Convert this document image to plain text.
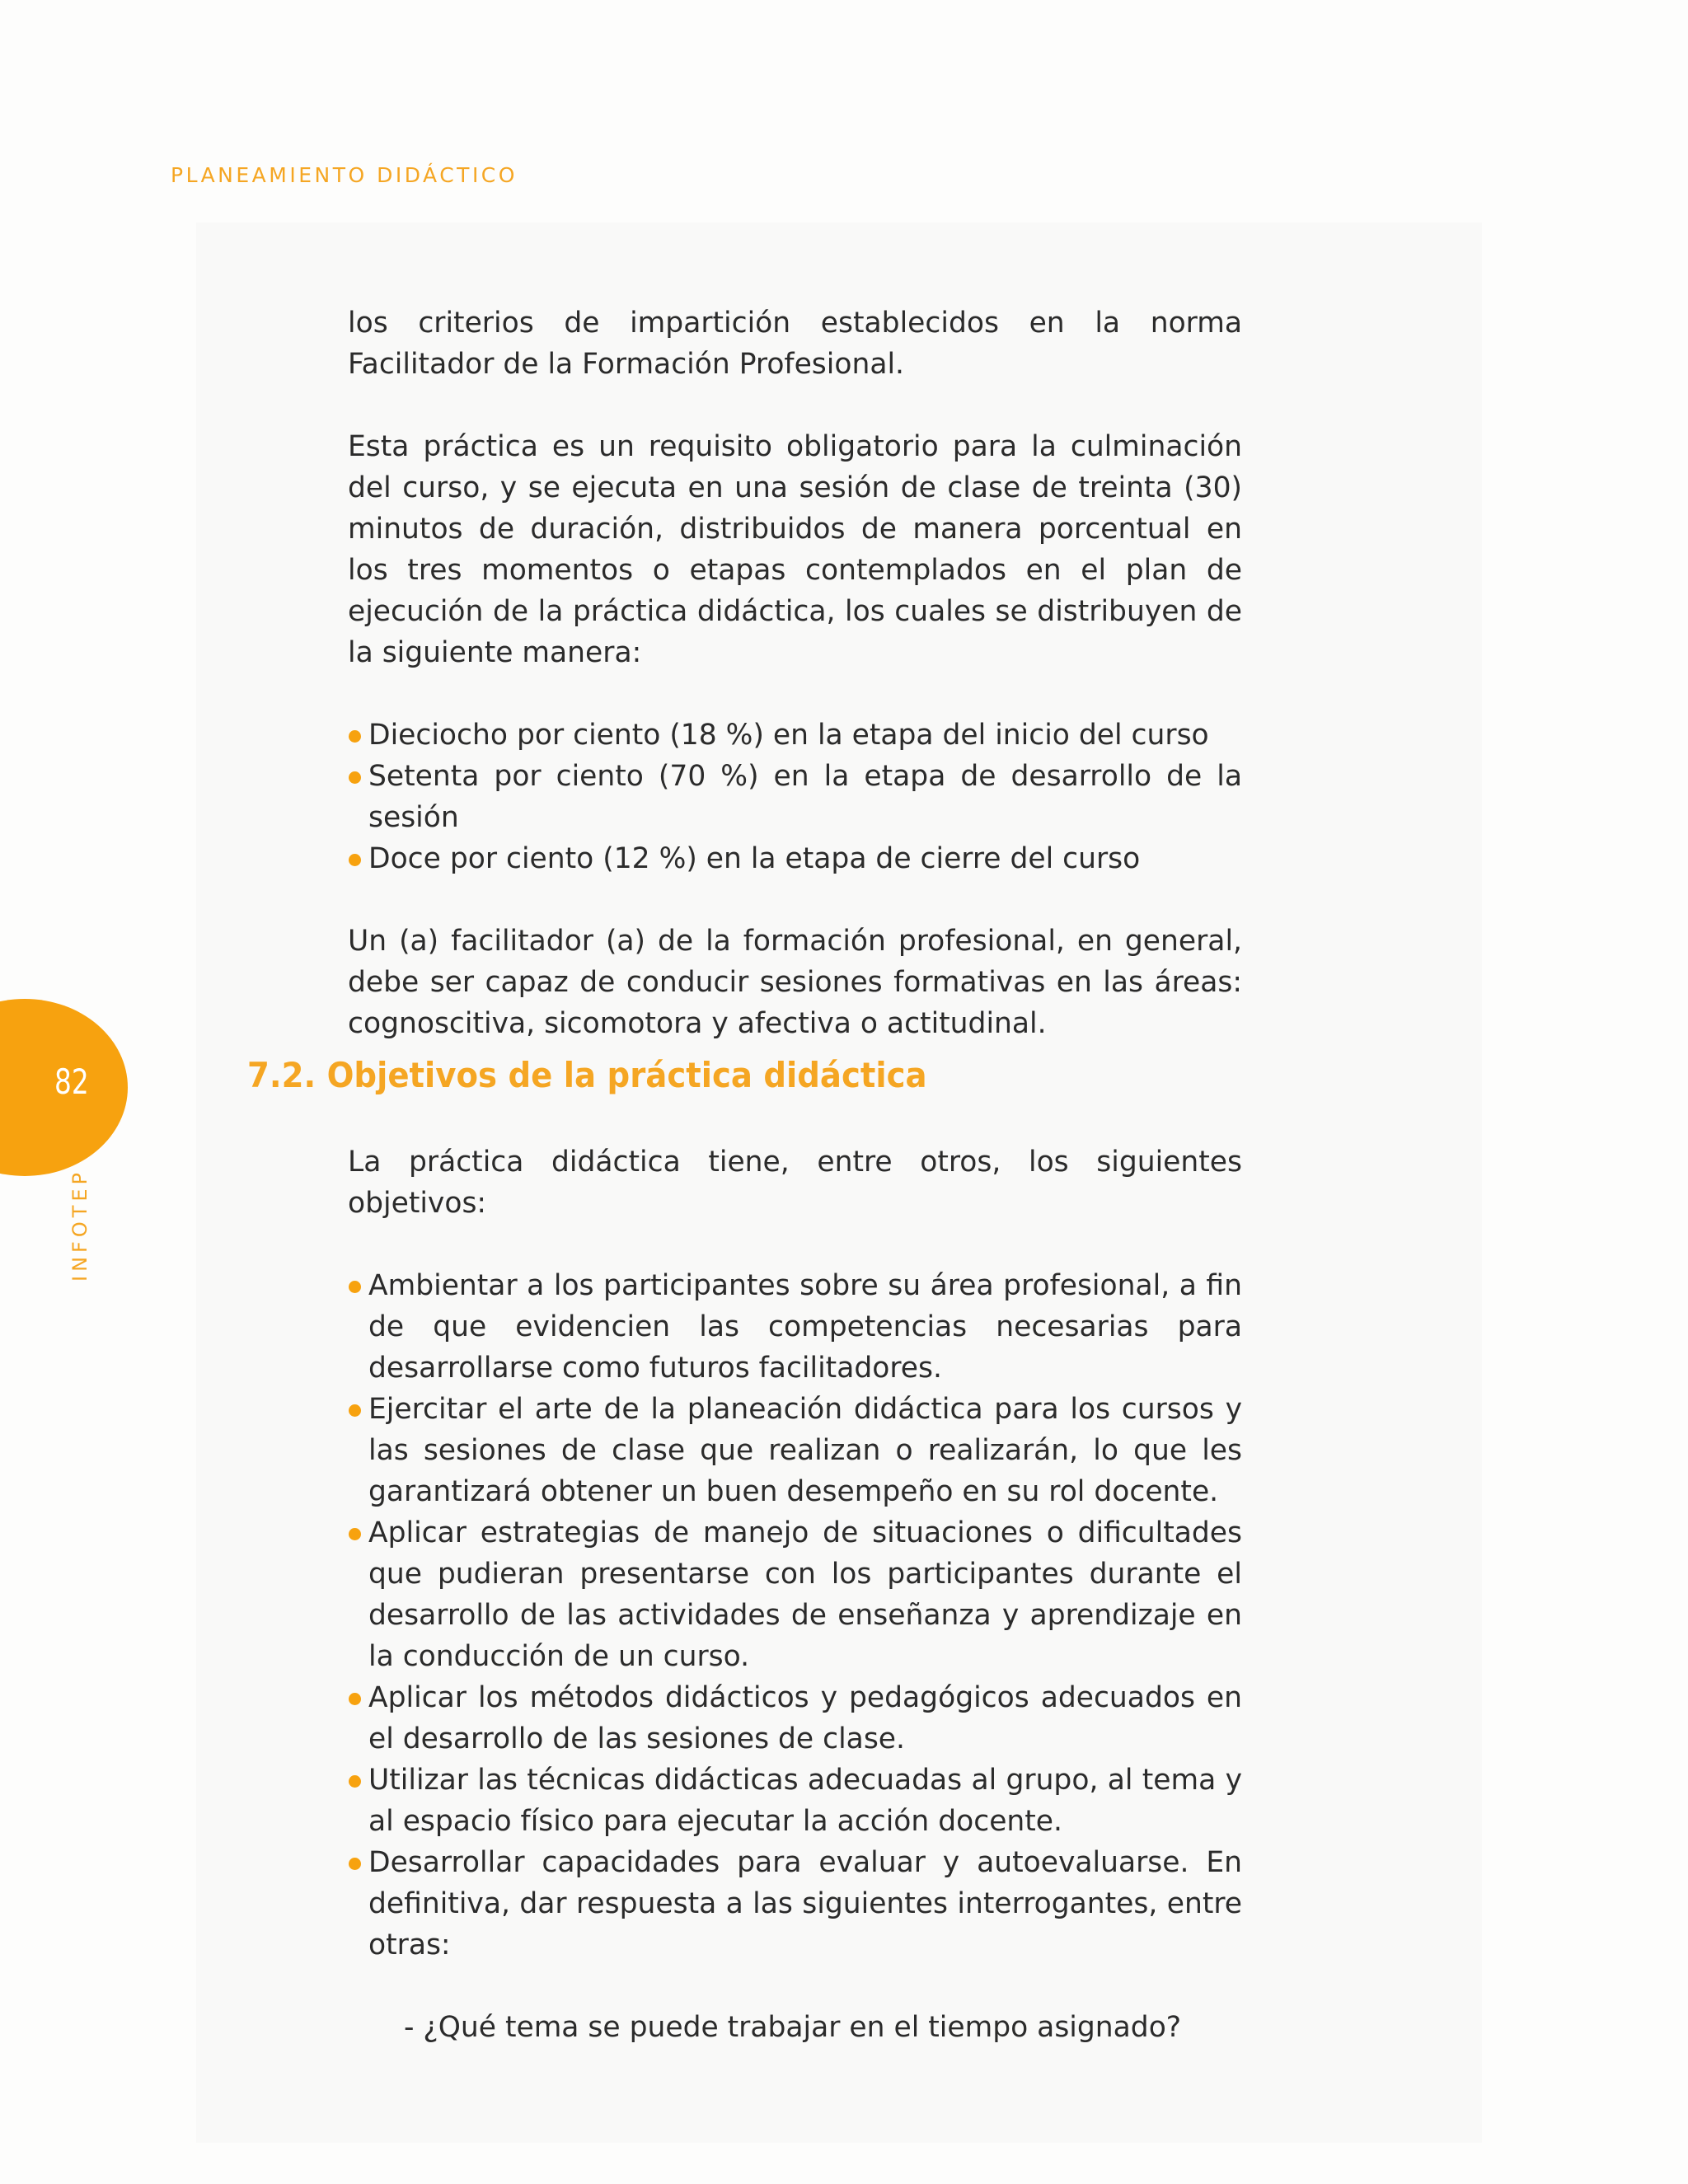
PLANEAMIENTO DIDÁCTICO
82
INFOTEP

los criterios de impartición establecidos en la norma Facilitador de la Formación Profesional.

Esta práctica es un requisito obligatorio para la culminación del curso, y se ejecuta en una sesión de clase de treinta (30) minutos de duración, distribuidos de manera porcentual en los tres momentos o etapas contemplados en el plan de ejecución de la práctica didáctica, los cuales se distribuyen de la siguiente manera:

Dieciocho por ciento (18 %) en la etapa del inicio del curso
Setenta por ciento (70 %) en la etapa de desarrollo de la sesión
Doce por ciento (12 %) en la etapa de cierre del curso

Un (a) facilitador (a) de la formación profesional, en general, debe ser capaz de conducir sesiones formativas en las áreas: cognoscitiva, sicomotora y afectiva o actitudinal.

7.2. Objetivos de la práctica didáctica

La práctica didáctica tiene, entre otros, los siguientes objetivos:

Ambientar a los participantes sobre su área profesional, a fin de que evidencien las competencias necesarias para desarrollarse como futuros facilitadores.
Ejercitar el arte de la planeación didáctica para los cursos y las sesiones de clase que realizan o realizarán, lo que les garantizará obtener un buen desempeño en su rol docente.
Aplicar estrategias de manejo de situaciones o dificultades que pudieran presentarse con los participantes durante el desarrollo de las actividades de enseñanza y aprendizaje en la conducción de un curso.
Aplicar los métodos didácticos y pedagógicos adecuados en el desarrollo de las sesiones de clase.
Utilizar las técnicas didácticas adecuadas al grupo, al tema y al espacio físico para ejecutar la acción docente.
Desarrollar capacidades para evaluar y autoevaluarse. En definitiva, dar respuesta a las siguientes interrogantes, entre otras:

- ¿Qué tema se puede trabajar en el tiempo asignado?
